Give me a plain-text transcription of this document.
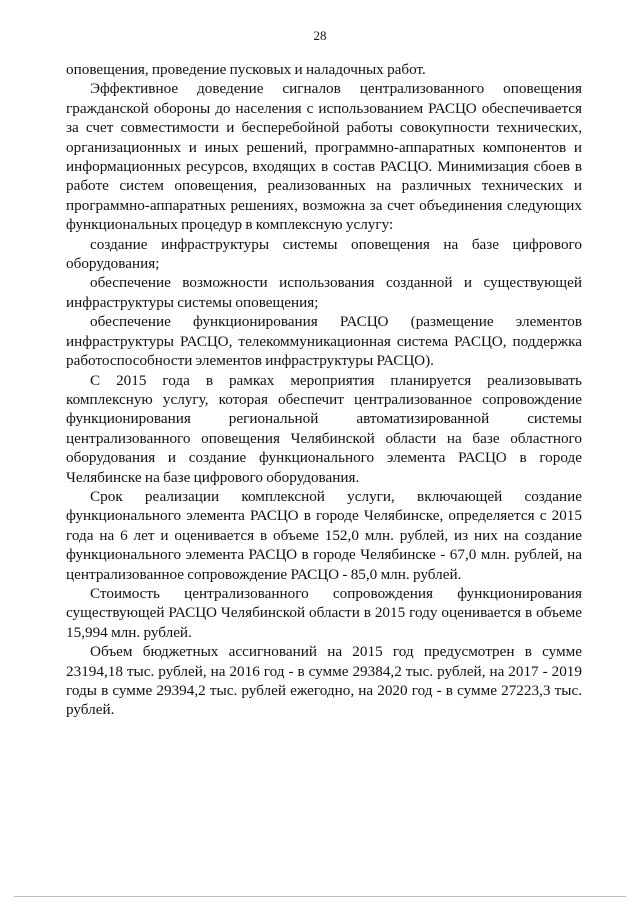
28

оповещения, проведение пусковых и наладочных работ.

Эффективное доведение сигналов централизованного оповещения гражданской обороны до населения с использованием РАСЦО обеспечивается за счет совместимости и бесперебойной работы совокупности технических, организационных и иных решений, программно-аппаратных компонентов и информационных ресурсов, входящих в состав РАСЦО. Минимизация сбоев в работе систем оповещения, реализованных на различных технических и программно-аппаратных решениях, возможна за счет объединения следующих функциональных процедур в комплексную услугу:

создание инфраструктуры системы оповещения на базе цифрового оборудования;

обеспечение возможности использования созданной и существующей инфраструктуры системы оповещения;

обеспечение функционирования РАСЦО (размещение элементов инфраструктуры РАСЦО, телекоммуникационная система РАСЦО, поддержка работоспособности элементов инфраструктуры РАСЦО).

С 2015 года в рамках мероприятия планируется реализовывать комплексную услугу, которая обеспечит централизованное сопровождение функционирования региональной автоматизированной системы централизованного оповещения Челябинской области на базе областного оборудования и создание функционального элемента РАСЦО в городе Челябинске на базе цифрового оборудования.

Срок реализации комплексной услуги, включающей создание функционального элемента РАСЦО в городе Челябинске, определяется с 2015 года на 6 лет и оценивается в объеме 152,0 млн. рублей, из них на создание функционального элемента РАСЦО в городе Челябинске - 67,0 млн. рублей, на централизованное сопровождение РАСЦО - 85,0 млн. рублей.

Стоимость централизованного сопровождения функционирования существующей РАСЦО Челябинской области в 2015 году оценивается в объеме 15,994 млн. рублей.

Объем бюджетных ассигнований на 2015 год предусмотрен в сумме 23194,18 тыс. рублей, на 2016 год - в сумме 29384,2 тыс. рублей, на 2017 - 2019 годы в сумме 29394,2 тыс. рублей ежегодно, на 2020 год - в сумме 27223,3 тыс. рублей.
